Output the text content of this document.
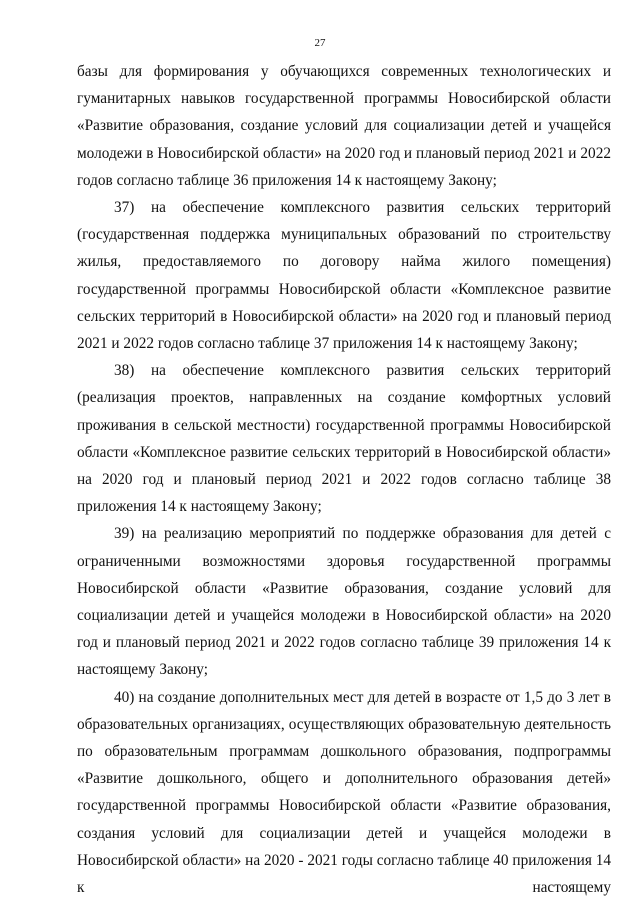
27

базы для формирования у обучающихся современных технологических и гуманитарных навыков государственной программы Новосибирской области «Развитие образования, создание условий для социализации детей и учащейся молодежи в Новосибирской области» на 2020 год и плановый период 2021 и 2022 годов согласно таблице 36 приложения 14 к настоящему Закону;

37) на обеспечение комплексного развития сельских территорий (государственная поддержка муниципальных образований по строительству жилья, предоставляемого по договору найма жилого помещения) государственной программы Новосибирской области «Комплексное развитие сельских территорий в Новосибирской области» на 2020 год и плановый период 2021 и 2022 годов согласно таблице 37 приложения 14 к настоящему Закону;

38) на обеспечение комплексного развития сельских территорий (реализация проектов, направленных на создание комфортных условий проживания в сельской местности) государственной программы Новосибирской области «Комплексное развитие сельских территорий в Новосибирской области» на 2020 год и плановый период 2021 и 2022 годов согласно таблице 38 приложения 14 к настоящему Закону;

39) на реализацию мероприятий по поддержке образования для детей с ограниченными возможностями здоровья государственной программы Новосибирской области «Развитие образования, создание условий для социализации детей и учащейся молодежи в Новосибирской области» на 2020 год и плановый период 2021 и 2022 годов согласно таблице 39 приложения 14 к настоящему Закону;

40) на создание дополнительных мест для детей в возрасте от 1,5 до 3 лет в образовательных организациях, осуществляющих образовательную деятельность по образовательным программам дошкольного образования, подпрограммы «Развитие дошкольного, общего и дополнительного образования детей» государственной программы Новосибирской области «Развитие образования, создания условий для социализации детей и учащейся молодежи в Новосибирской области» на 2020 - 2021 годы согласно таблице 40 приложения 14 к настоящему
